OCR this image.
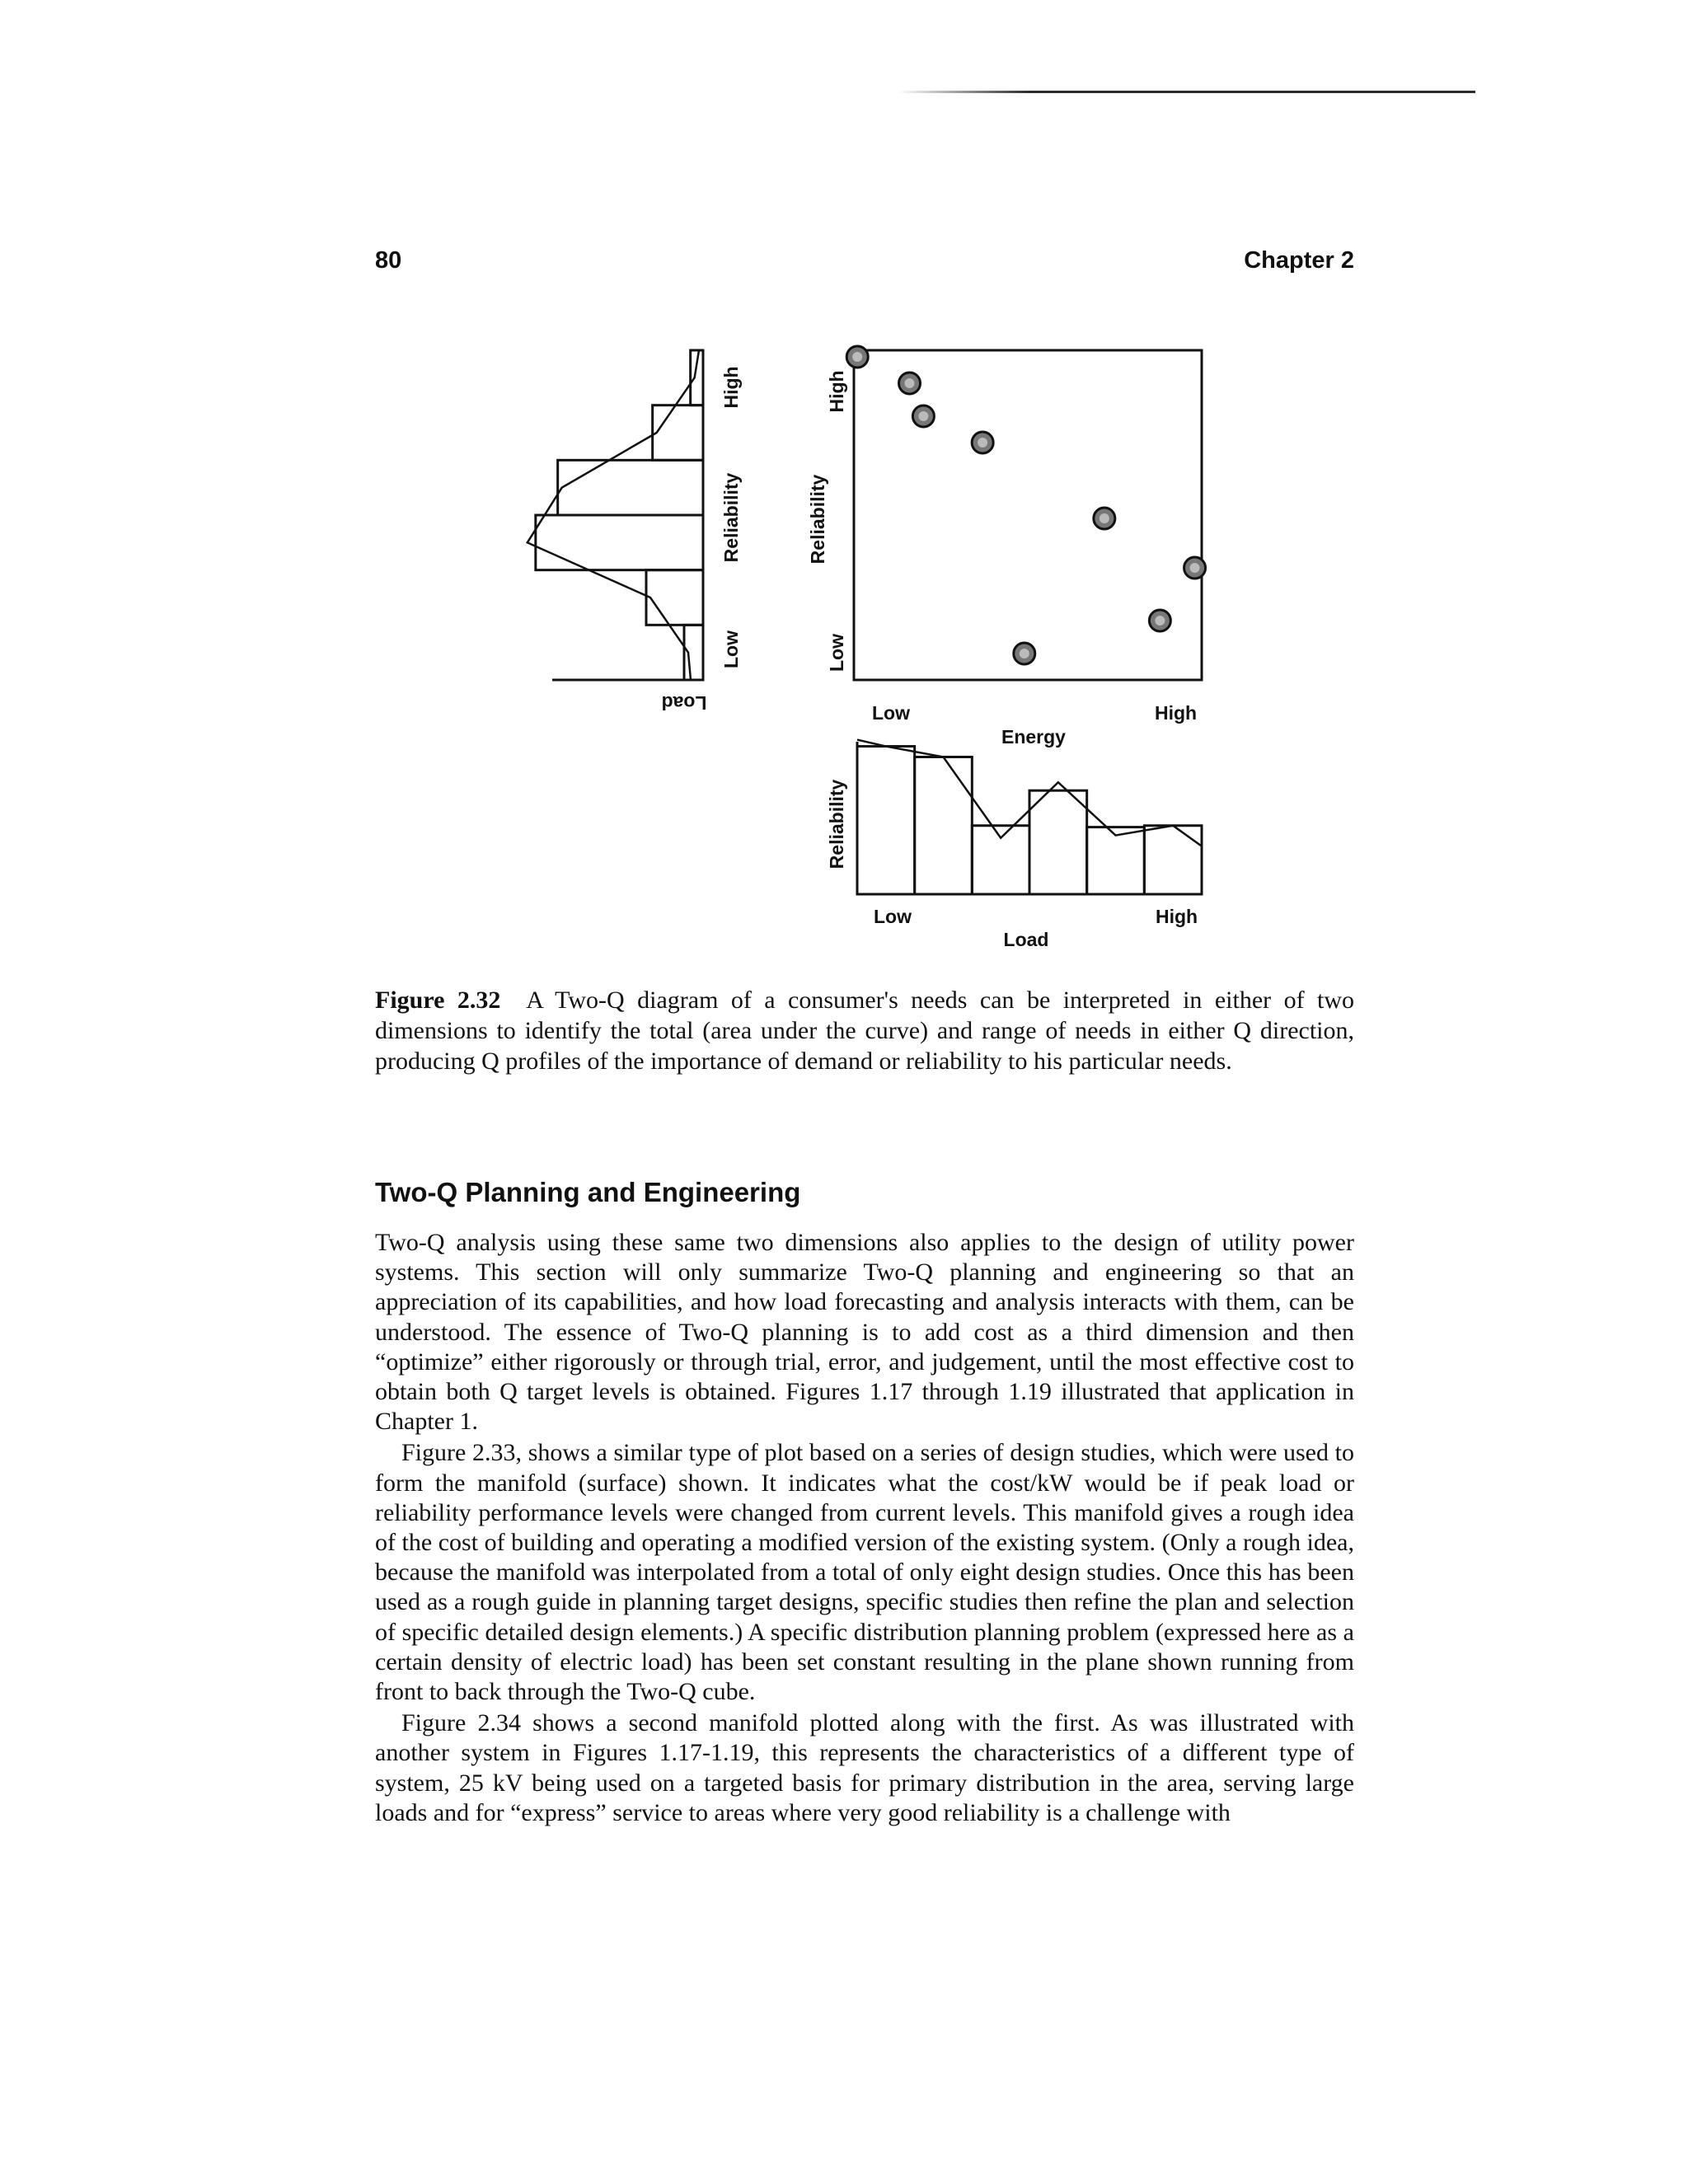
80	Chapter 2
Load
High
Reliability
Low
High
Reliability
Low
Low	High
Energy
Reliability
Low	High
Load
Figure 2.32 A Two-Q diagram of a consumer's needs can be interpreted in either of two dimensions to identify the total (area under the curve) and range of needs in either Q direction, producing Q profiles of the importance of demand or reliability to his particular needs.
Two-Q Planning and Engineering

Two-Q analysis using these same two dimensions also applies to the design of utility power systems. This section will only summarize Two-Q planning and engineering so that an appreciation of its capabilities, and how load forecasting and analysis interacts with them, can be understood. The essence of Two-Q planning is to add cost as a third dimension and then “optimize” either rigorously or through trial, error, and judgement, until the most effective cost to obtain both Q target levels is obtained. Figures 1.17 through 1.19 illustrated that application in Chapter 1.

Figure 2.33, shows a similar type of plot based on a series of design studies, which were used to form the manifold (surface) shown. It indicates what the cost/kW would be if peak load or reliability performance levels were changed from current levels. This manifold gives a rough idea of the cost of building and operating a modified version of the existing system. (Only a rough idea, because the manifold was interpolated from a total of only eight design studies. Once this has been used as a rough guide in planning target designs, specific studies then refine the plan and selection of specific detailed design elements.) A specific distribution planning problem (expressed here as a certain density of electric load) has been set constant resulting in the plane shown running from front to back through the Two-Q cube.

Figure 2.34 shows a second manifold plotted along with the first. As was illustrated with another system in Figures 1.17-1.19, this represents the characteristics of a different type of system, 25 kV being used on a targeted basis for primary distribution in the area, serving large loads and for “express” service to areas where very good reliability is a challenge with
